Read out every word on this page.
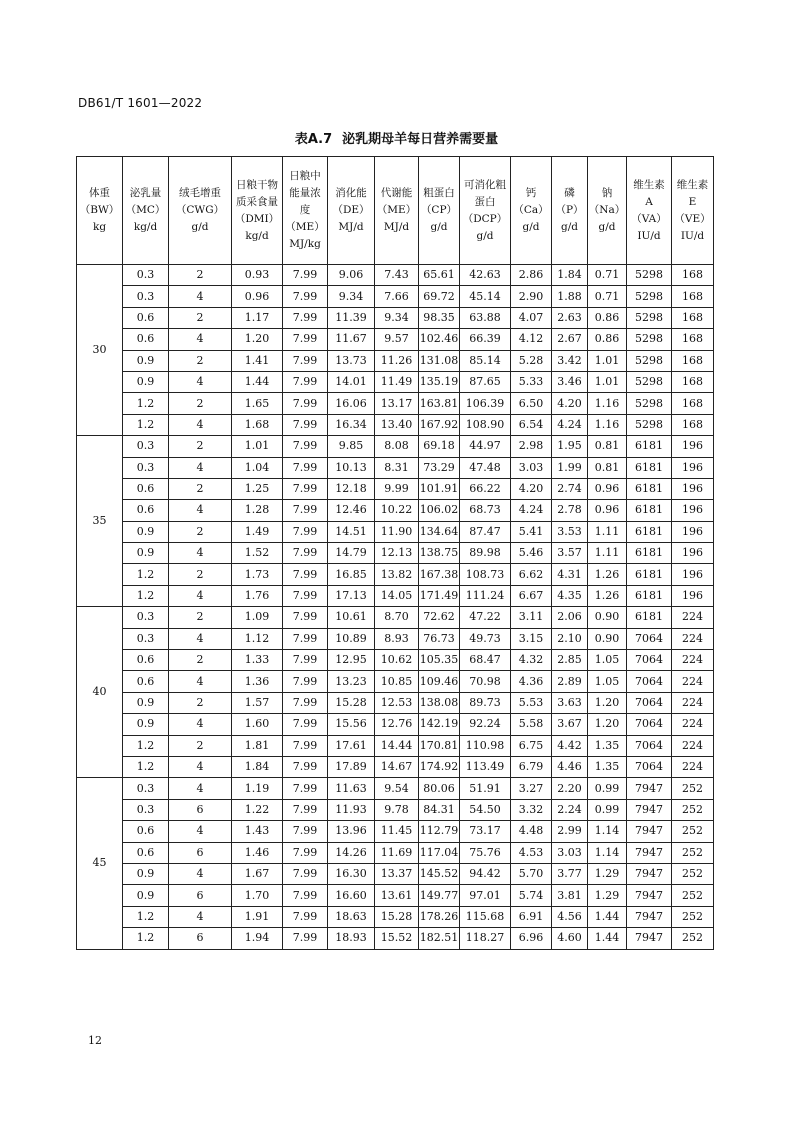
DB61/T 1601—2022
表A.7 泌乳期母羊每日营养需要量
体重
（BW）
kg	泌乳量
（MC）
kg/d	绒毛增重
（CWG）
g/d	日粮干物
质采食量
（DMI）
kg/d	日粮中
能量浓
度
（ME）
MJ/kg	消化能
（DE）
MJ/d	代谢能
（ME）
MJ/d	粗蛋白
（CP）
g/d	可消化粗
蛋白
（DCP）
g/d	钙（Ca）
g/d	磷（P）
g/d	钠（Na）
g/d	维生素
A
（VA）
IU/d	维生素
E
（VE）
IU/d
30	0.3	2	0.93	7.99	9.06	7.43	65.61	42.63	2.86	1.84	0.71	5298	168
	0.3	4	0.96	7.99	9.34	7.66	69.72	45.14	2.90	1.88	0.71	5298	168
	0.6	2	1.17	7.99	11.39	9.34	98.35	63.88	4.07	2.63	0.86	5298	168
	0.6	4	1.20	7.99	11.67	9.57	102.46	66.39	4.12	2.67	0.86	5298	168
	0.9	2	1.41	7.99	13.73	11.26	131.08	85.14	5.28	3.42	1.01	5298	168
	0.9	4	1.44	7.99	14.01	11.49	135.19	87.65	5.33	3.46	1.01	5298	168
	1.2	2	1.65	7.99	16.06	13.17	163.81	106.39	6.50	4.20	1.16	5298	168
	1.2	4	1.68	7.99	16.34	13.40	167.92	108.90	6.54	4.24	1.16	5298	168
35	0.3	2	1.01	7.99	9.85	8.08	69.18	44.97	2.98	1.95	0.81	6181	196
	0.3	4	1.04	7.99	10.13	8.31	73.29	47.48	3.03	1.99	0.81	6181	196
	0.6	2	1.25	7.99	12.18	9.99	101.91	66.22	4.20	2.74	0.96	6181	196
	0.6	4	1.28	7.99	12.46	10.22	106.02	68.73	4.24	2.78	0.96	6181	196
	0.9	2	1.49	7.99	14.51	11.90	134.64	87.47	5.41	3.53	1.11	6181	196
	0.9	4	1.52	7.99	14.79	12.13	138.75	89.98	5.46	3.57	1.11	6181	196
	1.2	2	1.73	7.99	16.85	13.82	167.38	108.73	6.62	4.31	1.26	6181	196
	1.2	4	1.76	7.99	17.13	14.05	171.49	111.24	6.67	4.35	1.26	6181	196
40	0.3	2	1.09	7.99	10.61	8.70	72.62	47.22	3.11	2.06	0.90	6181	224
	0.3	4	1.12	7.99	10.89	8.93	76.73	49.73	3.15	2.10	0.90	7064	224
	0.6	2	1.33	7.99	12.95	10.62	105.35	68.47	4.32	2.85	1.05	7064	224
	0.6	4	1.36	7.99	13.23	10.85	109.46	70.98	4.36	2.89	1.05	7064	224
	0.9	2	1.57	7.99	15.28	12.53	138.08	89.73	5.53	3.63	1.20	7064	224
	0.9	4	1.60	7.99	15.56	12.76	142.19	92.24	5.58	3.67	1.20	7064	224
	1.2	2	1.81	7.99	17.61	14.44	170.81	110.98	6.75	4.42	1.35	7064	224
	1.2	4	1.84	7.99	17.89	14.67	174.92	113.49	6.79	4.46	1.35	7064	224
45	0.3	4	1.19	7.99	11.63	9.54	80.06	51.91	3.27	2.20	0.99	7947	252
	0.3	6	1.22	7.99	11.93	9.78	84.31	54.50	3.32	2.24	0.99	7947	252
	0.6	4	1.43	7.99	13.96	11.45	112.79	73.17	4.48	2.99	1.14	7947	252
	0.6	6	1.46	7.99	14.26	11.69	117.04	75.76	4.53	3.03	1.14	7947	252
	0.9	4	1.67	7.99	16.30	13.37	145.52	94.42	5.70	3.77	1.29	7947	252
	0.9	6	1.70	7.99	16.60	13.61	149.77	97.01	5.74	3.81	1.29	7947	252
	1.2	4	1.91	7.99	18.63	15.28	178.26	115.68	6.91	4.56	1.44	7947	252
	1.2	6	1.94	7.99	18.93	15.52	182.51	118.27	6.96	4.60	1.44	7947	252
12
